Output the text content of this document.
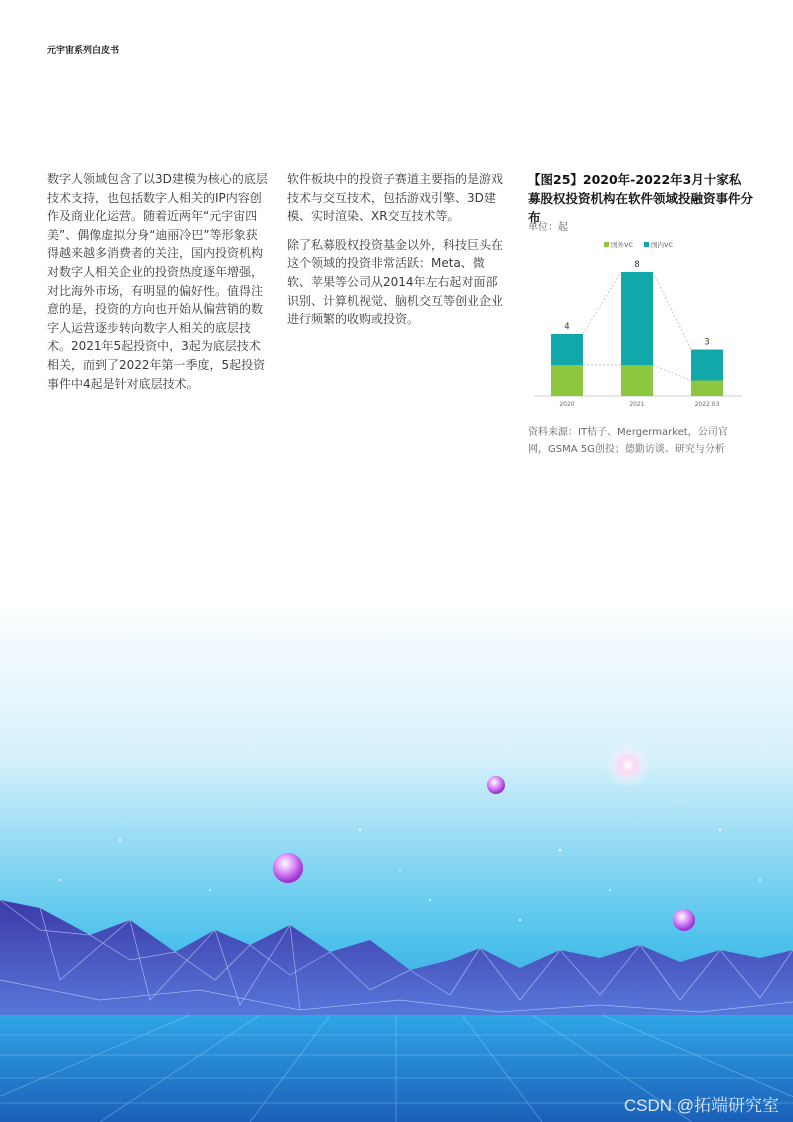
元宇宙系列白皮书

数字人领域包含了以3D建模为核心的底层技术支持，也包括数字人相关的IP内容创作及商业化运营。随着近两年“元宇宙四美”、偶像虚拟分身“迪丽冷巴”等形象获得越来越多消费者的关注，国内投资机构对数字人相关企业的投资热度逐年增强，对比海外市场，有明显的偏好性。值得注意的是，投资的方向也开始从偏营销的数字人运营逐步转向数字人相关的底层技术。2021年5起投资中，3起为底层技术相关，而到了2022年第一季度，5起投资事件中4起是针对底层技术。

软件板块中的投资子赛道主要指的是游戏技术与交互技术，包括游戏引擎、3D建模、实时渲染、XR交互技术等。

除了私募股权投资基金以外，科技巨头在这个领域的投资非常活跃：Meta、微软、苹果等公司从2014年左右起对面部识别、计算机视觉、脑机交互等创业企业进行频繁的收购或投资。

【图25】2020年-2022年3月十家私募股权投资机构在软件领域投融资事件分布
单位：起
国外VC	国内VC
4
2020
8
2021
3
2022.03
资料来源：IT桔子、Mergermarket，公司官网，GSMA 5G创投；德勤访谈、研究与分析
CSDN @拓端研究室
